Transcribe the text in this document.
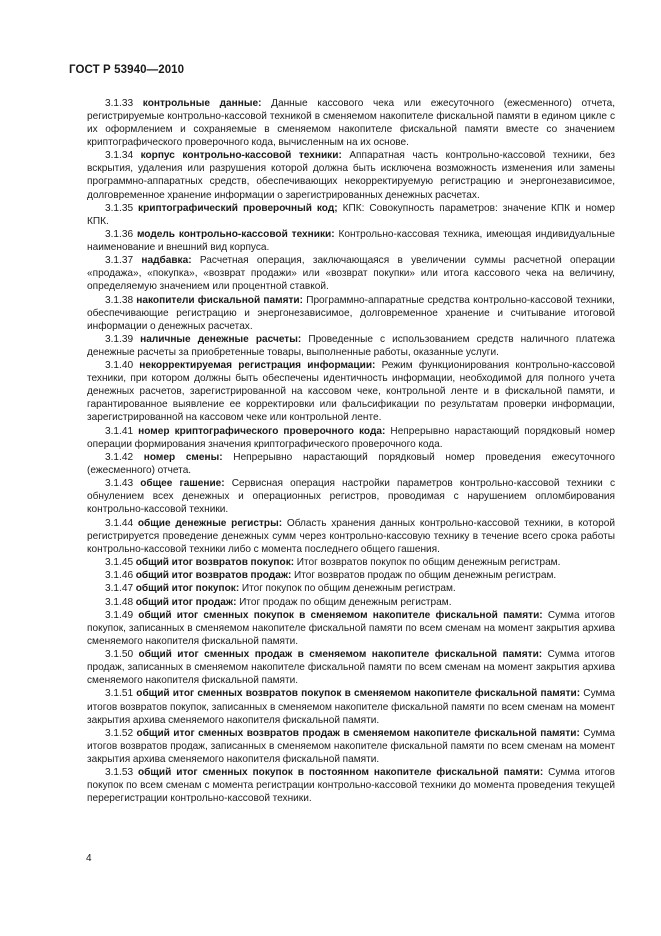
ГОСТ Р 53940—2010

3.1.33 контрольные данные: Данные кассового чека или ежесуточного (ежесменного) отчета, регистрируемые контрольно-кассовой техникой в сменяемом накопителе фискальной памяти в едином цикле с их оформлением и сохраняемые в сменяемом накопителе фискальной памяти вместе со значением криптографического проверочного кода, вычисленным на их основе.

3.1.34 корпус контрольно-кассовой техники: Аппаратная часть контрольно-кассовой техники, без вскрытия, удаления или разрушения которой должна быть исключена возможность изменения или замены программно-аппаратных средств, обеспечивающих некорректируемую регистрацию и энергонезависимое, долговременное хранение информации о зарегистрированных денежных расчетах.

3.1.35 криптографический проверочный код; КПК: Совокупность параметров: значение КПК и номер КПК.

3.1.36 модель контрольно-кассовой техники: Контрольно-кассовая техника, имеющая индивидуальные наименование и внешний вид корпуса.

3.1.37 надбавка: Расчетная операция, заключающаяся в увеличении суммы расчетной операции «продажа», «покупка», «возврат продажи» или «возврат покупки» или итога кассового чека на величину, определяемую значением или процентной ставкой.

3.1.38 накопители фискальной памяти: Программно-аппаратные средства контрольно-кассовой техники, обеспечивающие регистрацию и энергонезависимое, долговременное хранение и считывание итоговой информации о денежных расчетах.

3.1.39 наличные денежные расчеты: Проведенные с использованием средств наличного платежа денежные расчеты за приобретенные товары, выполненные работы, оказанные услуги.

3.1.40 некорректируемая регистрация информации: Режим функционирования контрольно-кассовой техники, при котором должны быть обеспечены идентичность информации, необходимой для полного учета денежных расчетов, зарегистрированной на кассовом чеке, контрольной ленте и в фискальной памяти, и гарантированное выявление ее корректировки или фальсификации по результатам проверки информации, зарегистрированной на кассовом чеке или контрольной ленте.

3.1.41 номер криптографического проверочного кода: Непрерывно нарастающий порядковый номер операции формирования значения криптографического проверочного кода.

3.1.42 номер смены: Непрерывно нарастающий порядковый номер проведения ежесуточного (ежесменного) отчета.

3.1.43 общее гашение: Сервисная операция настройки параметров контрольно-кассовой техники с обнулением всех денежных и операционных регистров, проводимая с нарушением опломбирования контрольно-кассовой техники.

3.1.44 общие денежные регистры: Область хранения данных контрольно-кассовой техники, в которой регистрируется проведение денежных сумм через контрольно-кассовую технику в течение всего срока работы контрольно-кассовой техники либо с момента последнего общего гашения.

3.1.45 общий итог возвратов покупок: Итог возвратов покупок по общим денежным регистрам.

3.1.46 общий итог возвратов продаж: Итог возвратов продаж по общим денежным регистрам.

3.1.47 общий итог покупок: Итог покупок по общим денежным регистрам.

3.1.48 общий итог продаж: Итог продаж по общим денежным регистрам.

3.1.49 общий итог сменных покупок в сменяемом накопителе фискальной памяти: Сумма итогов покупок, записанных в сменяемом накопителе фискальной памяти по всем сменам на момент закрытия архива сменяемого накопителя фискальной памяти.

3.1.50 общий итог сменных продаж в сменяемом накопителе фискальной памяти: Сумма итогов продаж, записанных в сменяемом накопителе фискальной памяти по всем сменам на момент закрытия архива сменяемого накопителя фискальной памяти.

3.1.51 общий итог сменных возвратов покупок в сменяемом накопителе фискальной памяти: Сумма итогов возвратов покупок, записанных в сменяемом накопителе фискальной памяти по всем сменам на момент закрытия архива сменяемого накопителя фискальной памяти.

3.1.52 общий итог сменных возвратов продаж в сменяемом накопителе фискальной памяти: Сумма итогов возвратов продаж, записанных в сменяемом накопителе фискальной памяти по всем сменам на момент закрытия архива сменяемого накопителя фискальной памяти.

3.1.53 общий итог сменных покупок в постоянном накопителе фискальной памяти: Сумма итогов покупок по всем сменам с момента регистрации контрольно-кассовой техники до момента проведения текущей перерегистрации контрольно-кассовой техники.

4
